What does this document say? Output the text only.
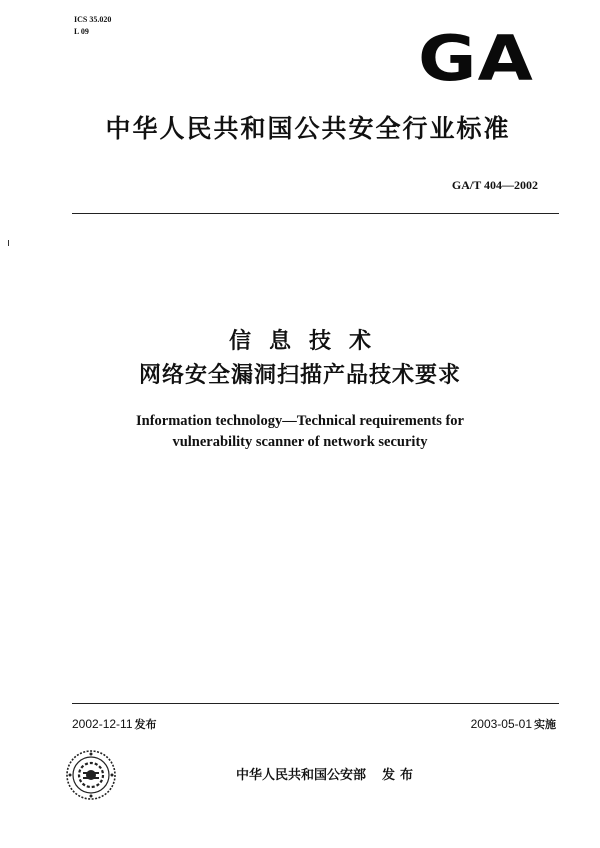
ICS 35.020
L 09	GA
中华人民共和国公共安全行业标准
GA/T 404—2002
信息技术
网络安全漏洞扫描产品技术要求
Information technology—Technical requirements for
vulnerability scanner of network security
2002-12-11 发布	2003-05-01 实施
中华人民共和国公安部 发布
